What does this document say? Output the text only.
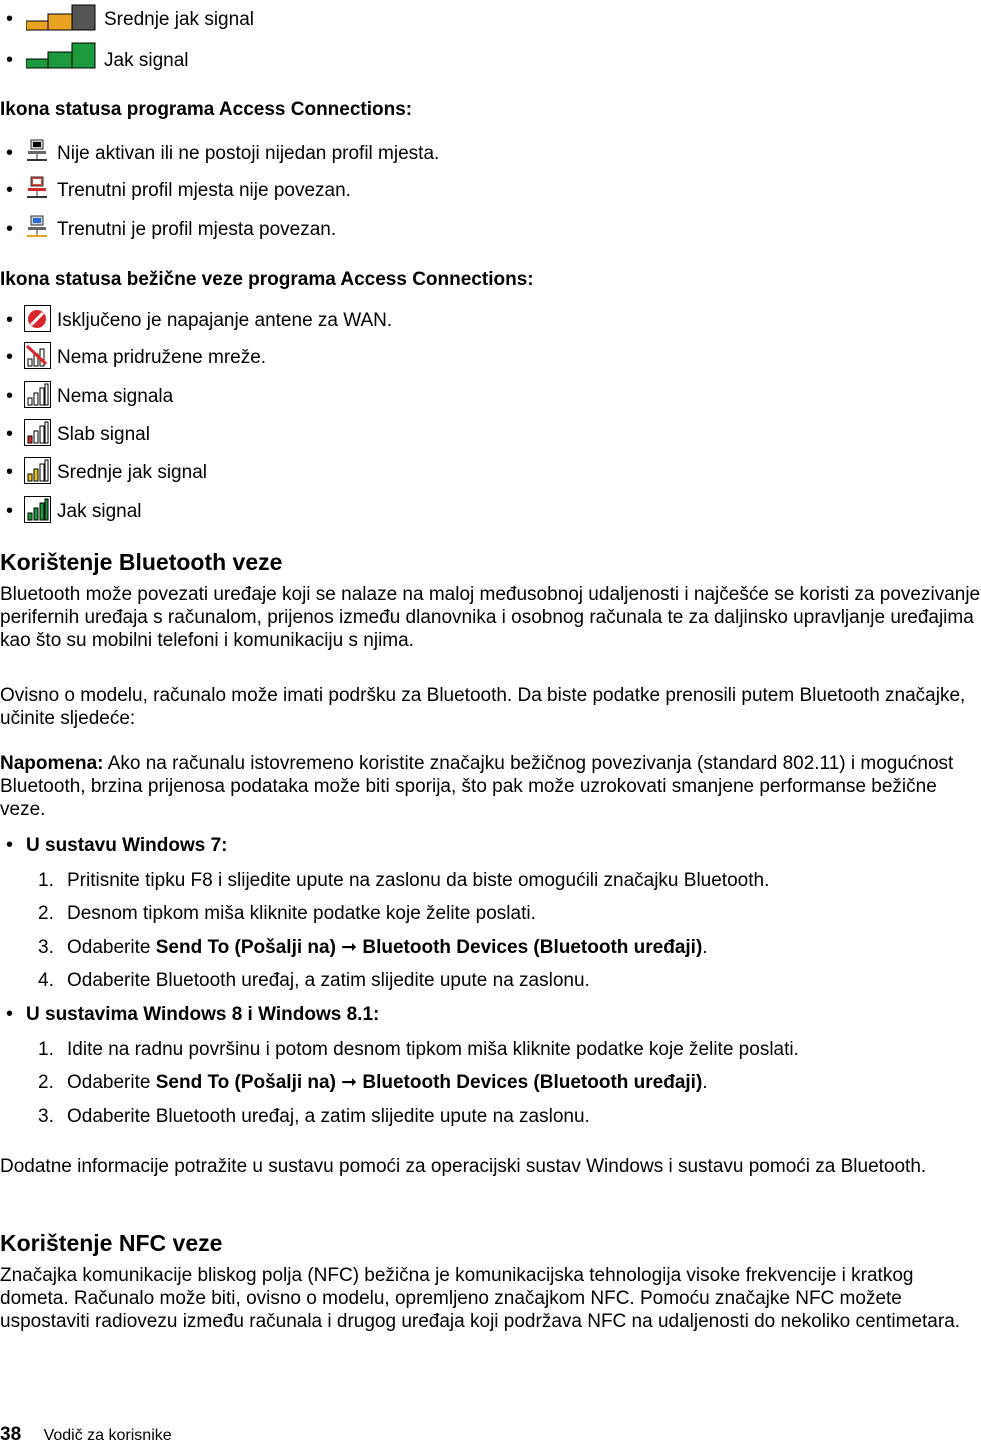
•	Srednje jak signal
•	Jak signal
Ikona statusa programa Access Connections:
• Nije aktivan ili ne postoji nijedan profil mjesta.
• Trenutni profil mjesta nije povezan.
• Trenutni je profil mjesta povezan.
Ikona statusa bežične veze programa Access Connections:
• Isključeno je napajanje antene za WAN.
• Nema pridružene mreže.
• Nema signala
• Slab signal
• Srednje jak signal
• Jak signal
Korištenje Bluetooth veze

Bluetooth može povezati uređaje koji se nalaze na maloj međusobnoj udaljenosti i najčešće se koristi za povezivanje perifernih uređaja s računalom, prijenos između dlanovnika i osobnog računala te za daljinsko upravljanje uređajima kao što su mobilni telefoni i komunikaciju s njima.

Ovisno o modelu, računalo može imati podršku za Bluetooth. Da biste podatke prenosili putem Bluetooth značajke, učinite sljedeće:

Napomena: Ako na računalu istovremeno koristite značajku bežičnog povezivanja (standard 802.11) i mogućnost Bluetooth, brzina prijenosa podataka može biti sporija, što pak može uzrokovati smanjene performanse bežične veze.

• U sustavu Windows 7:
1. Pritisnite tipku F8 i slijedite upute na zaslonu da biste omogućili značajku Bluetooth.
2. Desnom tipkom miša kliknite podatke koje želite poslati.
3. Odaberite Send To (Pošalji na) ➞ Bluetooth Devices (Bluetooth uređaji).
4. Odaberite Bluetooth uređaj, a zatim slijedite upute na zaslonu.
• U sustavima Windows 8 i Windows 8.1:
1. Idite na radnu površinu i potom desnom tipkom miša kliknite podatke koje želite poslati.
2. Odaberite Send To (Pošalji na) ➞ Bluetooth Devices (Bluetooth uređaji).
3. Odaberite Bluetooth uređaj, a zatim slijedite upute na zaslonu.

Dodatne informacije potražite u sustavu pomoći za operacijski sustav Windows i sustavu pomoći za Bluetooth.

Korištenje NFC veze

Značajka komunikacije bliskog polja (NFC) bežična je komunikacijska tehnologija visoke frekvencije i kratkog dometa. Računalo može biti, ovisno o modelu, opremljeno značajkom NFC. Pomoću značajke NFC možete uspostaviti radiovezu između računala i drugog uređaja koji podržava NFC na udaljenosti do nekoliko centimetara.

38 Vodič za korisnike
